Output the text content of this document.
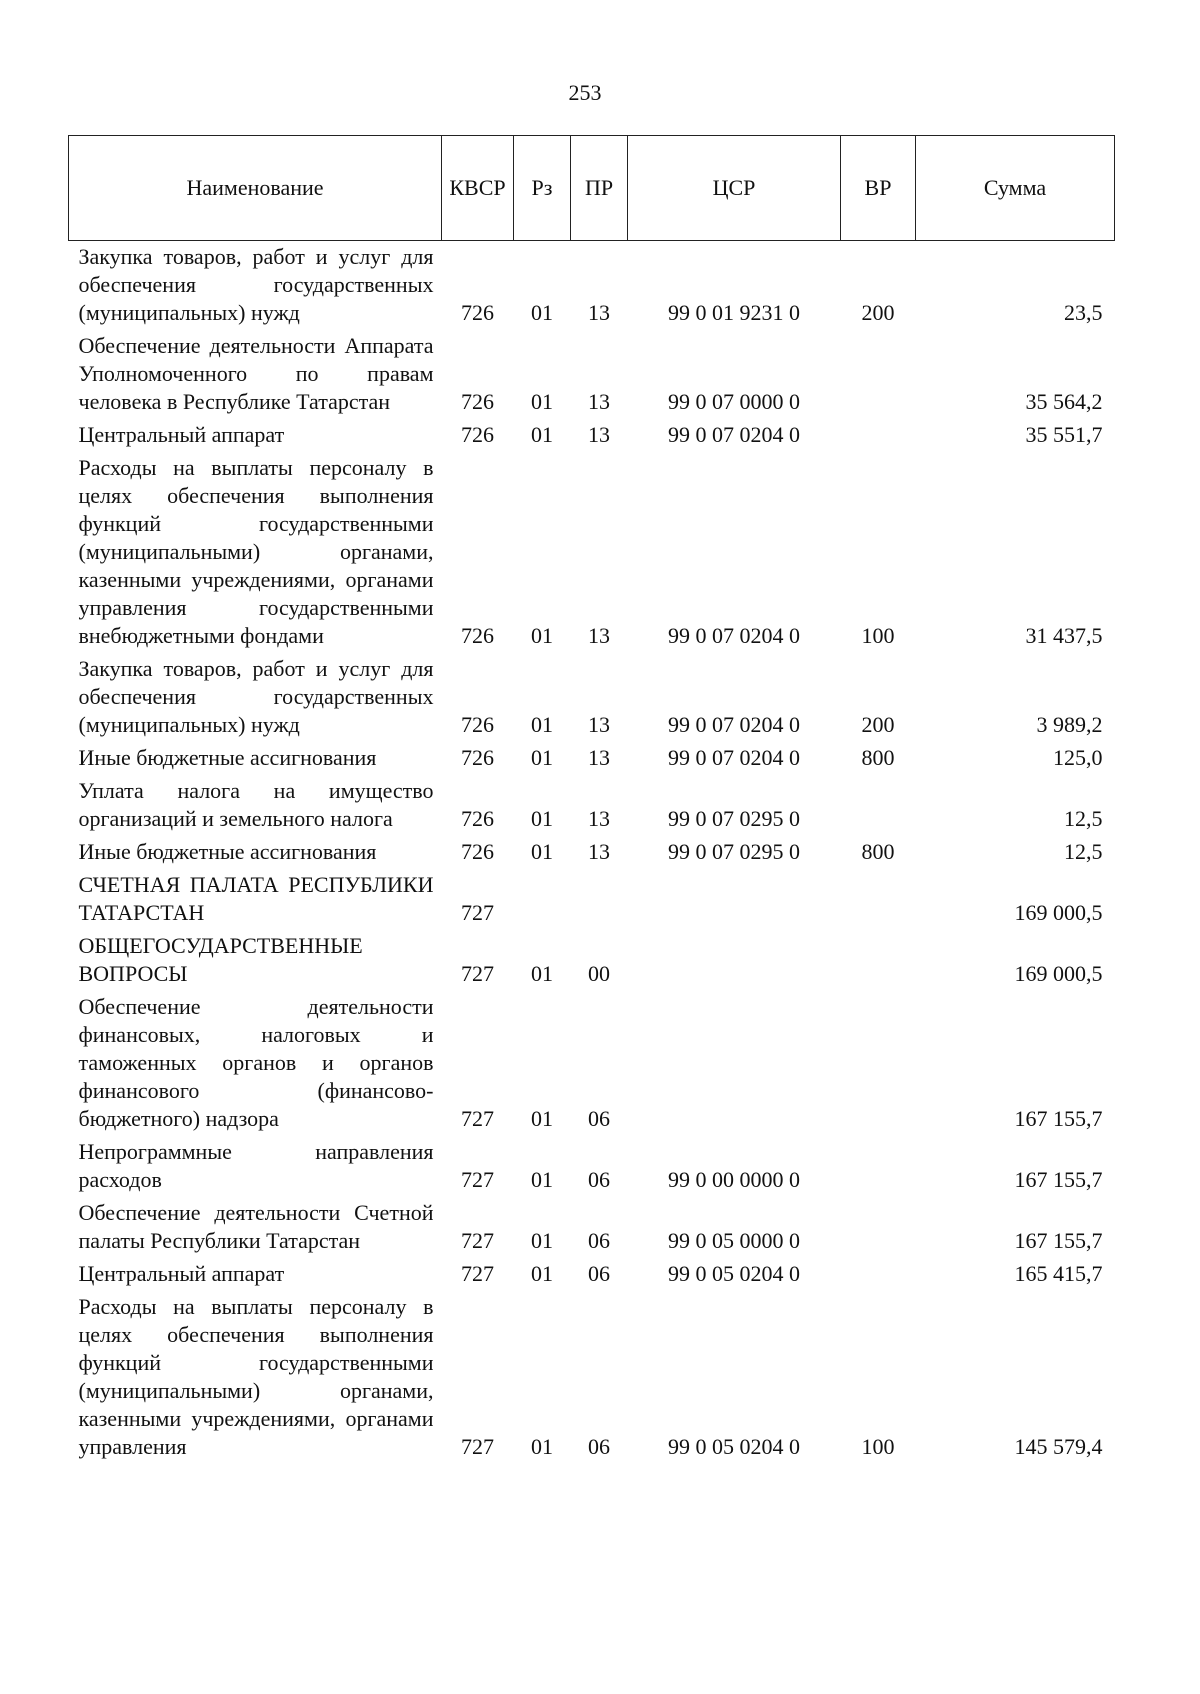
253
Наименование	КВСР	Рз	ПР	ЦСР	ВР	Сумма
Закупка товаров, работ и услуг для обеспечения государственных (муниципальных) нужд	726	01	13	99 0 01 9231 0	200	23,5
Обеспечение деятельности Аппарата Уполномоченного по правам человека в Республике Татарстан	726	01	13	99 0 07 0000 0		35 564,2
Центральный аппарат	726	01	13	99 0 07 0204 0		35 551,7
Расходы на выплаты персоналу в целях обеспечения выполнения функций государственными (муниципальными) органами, казенными учреждениями, органами управления государственными внебюджетными фондами	726	01	13	99 0 07 0204 0	100	31 437,5
Закупка товаров, работ и услуг для обеспечения государственных (муниципальных) нужд	726	01	13	99 0 07 0204 0	200	3 989,2
Иные бюджетные ассигнования	726	01	13	99 0 07 0204 0	800	125,0
Уплата налога на имущество организаций и земельного налога	726	01	13	99 0 07 0295 0		12,5
Иные бюджетные ассигнования	726	01	13	99 0 07 0295 0	800	12,5
СЧЕТНАЯ ПАЛАТА РЕСПУБЛИКИ ТАТАРСТАН	727					169 000,5
ОБЩЕГОСУДАРСТВЕННЫЕ ВОПРОСЫ	727	01	00			169 000,5
Обеспечение деятельности финансовых, налоговых и таможенных органов и органов финансового (финансово-бюджетного) надзора	727	01	06			167 155,7
Непрограммные направления расходов	727	01	06	99 0 00 0000 0		167 155,7
Обеспечение деятельности Счетной палаты Республики Татарстан	727	01	06	99 0 05 0000 0		167 155,7
Центральный аппарат	727	01	06	99 0 05 0204 0		165 415,7
Расходы на выплаты персоналу в целях обеспечения выполнения функций государственными (муниципальными) органами, казенными учреждениями, органами управления	727	01	06	99 0 05 0204 0	100	145 579,4
